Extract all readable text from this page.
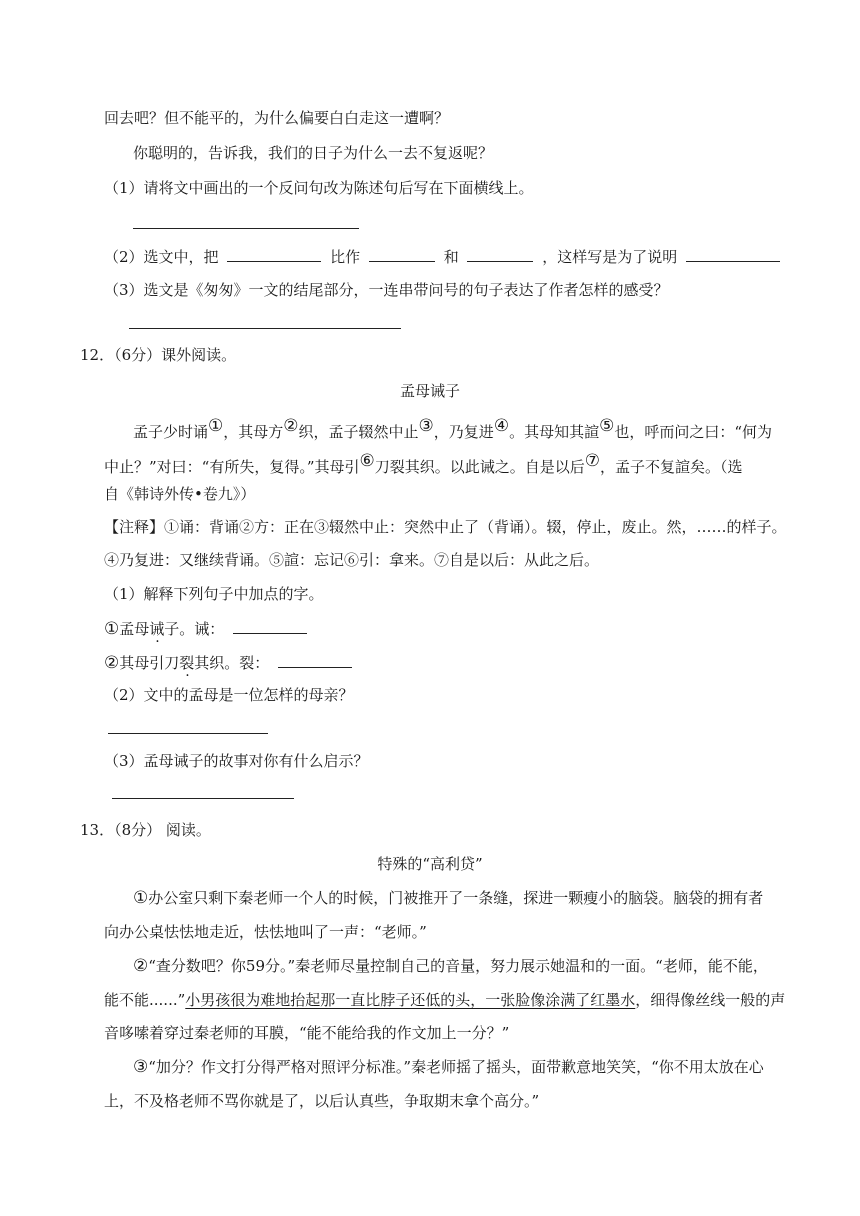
回去吧？但不能平的，为什么偏要白白走这一遭啊？
你聪明的，告诉我，我们的日子为什么一去不复返呢？
（1）请将文中画出的一个反问句改为陈述句后写在下面横线上。
（2）选文中，把	比作	和	，这样写是为了说明
（3）选文是《匆匆》一文的结尾部分，一连串带问号的句子表达了作者怎样的感受？
12．（6分）课外阅读。
孟母诫子
孟子少时诵①，其母方②织，孟子辍然中止③，乃复进④。其母知其諠⑤也，呼而问之曰：“何为
中止？”对曰：“有所失，复得。”其母引⑥刀裂其织。以此诫之。自是以后⑦，孟子不复諠矣。（选
自《韩诗外传•卷九》）
【注释】①诵：背诵②方：正在③辍然中止：突然中止了（背诵）。辍，停止，废止。然，……的样子。
④乃复进：又继续背诵。⑤諠：忘记⑥引：拿来。⑦自是以后：从此之后。
（1）解释下列句子中加点的字。
①孟母诫子。诫：
②其母引刀裂其织。裂：
（2）文中的孟母是一位怎样的母亲？
（3）孟母诫子的故事对你有什么启示？
13．（8分） 阅读。
特殊的“高利贷”
①办公室只剩下秦老师一个人的时候，门被推开了一条缝，探进一颗瘦小的脑袋。脑袋的拥有者
向办公桌怯怯地走近，怯怯地叫了一声：“老师。”
②“查分数吧？你59分。”秦老师尽量控制自己的音量，努力展示她温和的一面。“老师，能不能，
能不能......”小男孩很为难地抬起那一直比脖子还低的头，一张脸像涂满了红墨水，细得像丝线一般的声
音哆嗦着穿过秦老师的耳膜，“能不能给我的作文加上一分？”
③“加分？作文打分得严格对照评分标准。”秦老师摇了摇头，面带歉意地笑笑，“你不用太放在心
上，不及格老师不骂你就是了，以后认真些，争取期末拿个高分。”
